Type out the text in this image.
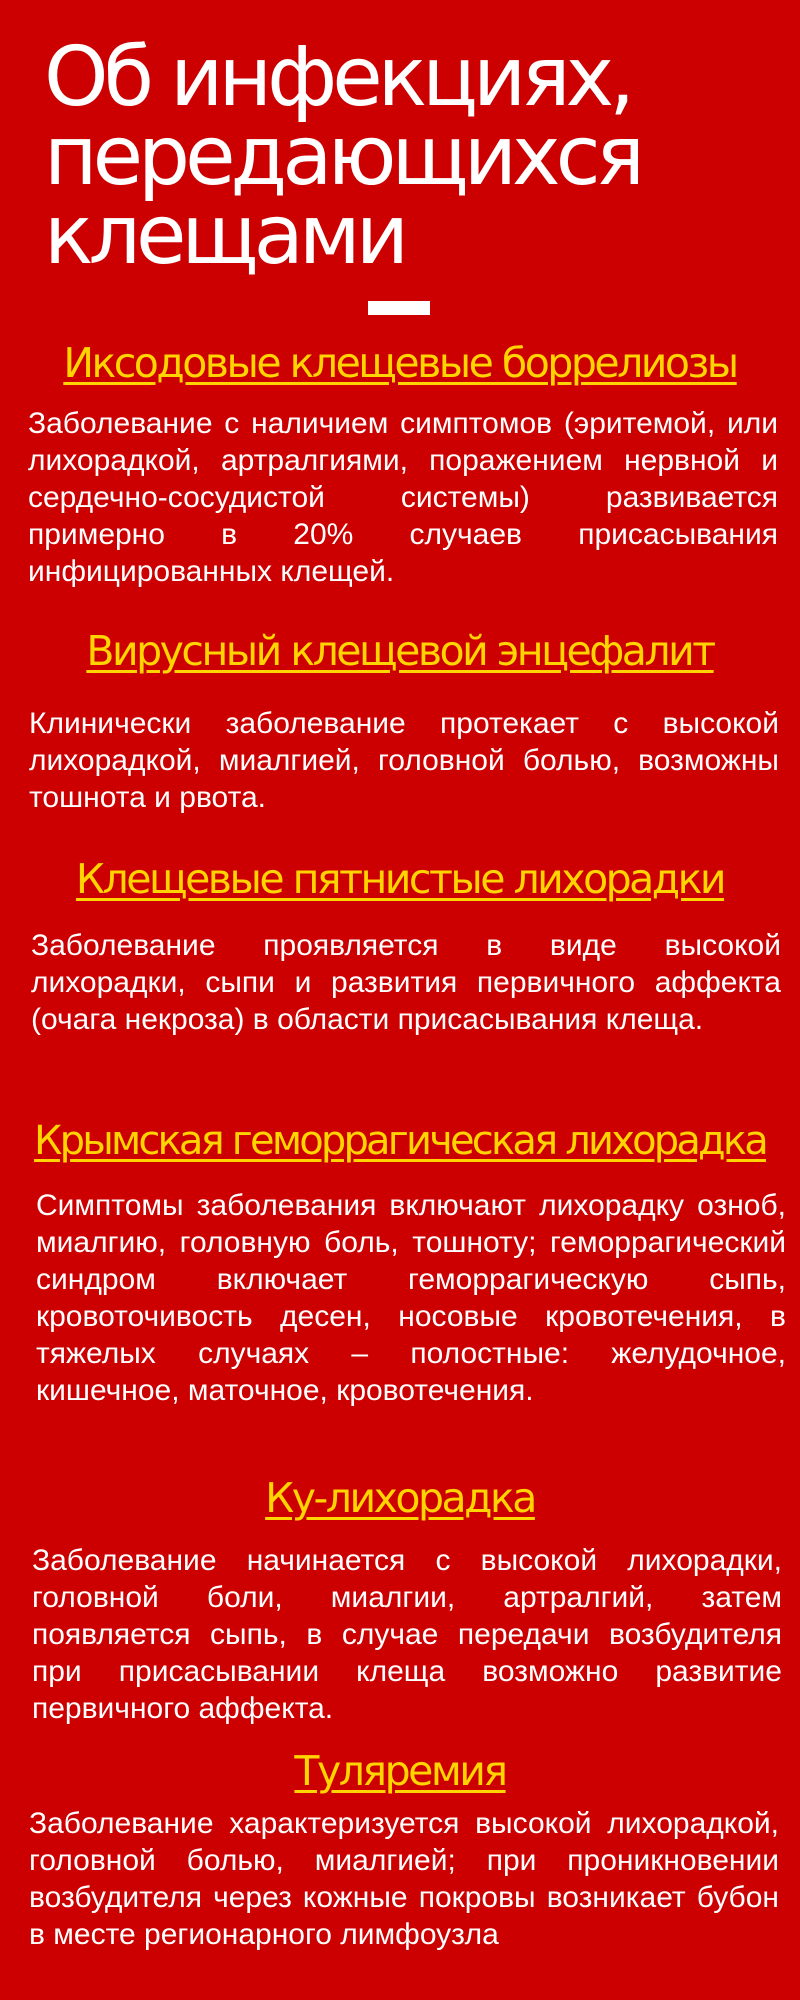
Об инфекциях, передающихся клещами
Иксодовые клещевые боррелиозы

Заболевание с наличием симптомов (эритемой, или лихорадкой, артралгиями, поражением нервной и сердечно-сосудистой системы) развивается примерно в 20% случаев присасывания инфицированных клещей.

Вирусный клещевой энцефалит

Клинически заболевание протекает с высокой лихорадкой, миалгией, головной болью, возможны тошнота и рвота.

Клещевые пятнистые лихорадки

Заболевание проявляется в виде высокой лихорадки, сыпи и развития первичного аффекта (очага некроза) в области присасывания клеща.

Крымская геморрагическая лихорадка

Симптомы заболевания включают лихорадку озноб, миалгию, головную боль, тошноту; геморрагический синдром включает геморрагическую сыпь, кровоточивость десен, носовые кровотечения, в тяжелых случаях – полостные: желудочное, кишечное, маточное, кровотечения.

Ку-лихорадка

Заболевание начинается с высокой лихорадки, головной боли, миалгии, артралгий, затем появляется сыпь, в случае передачи возбудителя при присасывании клеща возможно развитие первичного аффекта.

Туляремия

Заболевание характеризуется высокой лихорадкой, головной болью, миалгией; при проникновении возбудителя через кожные покровы возникает бубон в месте регионарного лимфоузла
